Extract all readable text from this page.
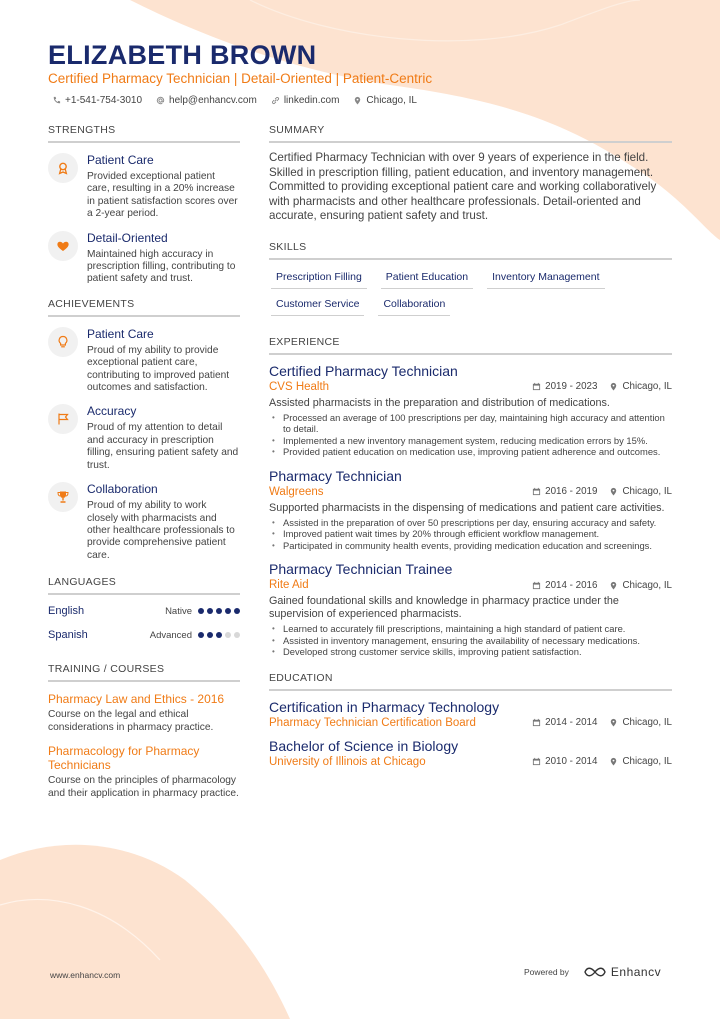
ELIZABETH BROWN
Certified Pharmacy Technician | Detail-Oriented | Patient-Centric
+1-541-754-3010	help@enhancv.com	linkedin.com	Chicago, IL
STRENGTHS
Patient Care
Provided exceptional patient care, resulting in a 20% increase in patient satisfaction scores over a 2-year period.
Detail-Oriented
Maintained high accuracy in prescription filling, contributing to patient safety and trust.
ACHIEVEMENTS
Patient Care
Proud of my ability to provide exceptional patient care, contributing to improved patient outcomes and satisfaction.
Accuracy
Proud of my attention to detail and accuracy in prescription filling, ensuring patient safety and trust.
Collaboration
Proud of my ability to work closely with pharmacists and other healthcare professionals to provide comprehensive patient care.
LANGUAGES
English	Native
Spanish	Advanced
TRAINING / COURSES
Pharmacy Law and Ethics - 2016
Course on the legal and ethical considerations in pharmacy practice.
Pharmacology for Pharmacy Technicians
Course on the principles of pharmacology and their application in pharmacy practice.
SUMMARY
Certified Pharmacy Technician with over 9 years of experience in the field. Skilled in prescription filling, patient education, and inventory management. Committed to providing exceptional patient care and working collaboratively with pharmacists and other healthcare professionals. Detail-oriented and accurate, ensuring patient safety and trust.
SKILLS
Prescription Filling	Patient Education	Inventory Management
Customer Service	Collaboration
EXPERIENCE
Certified Pharmacy Technician
CVS Health	2019 - 2023	Chicago, IL
Assisted pharmacists in the preparation and distribution of medications.
• Processed an average of 100 prescriptions per day, maintaining high accuracy and attention to detail.
• Implemented a new inventory management system, reducing medication errors by 15%.
• Provided patient education on medication use, improving patient adherence and outcomes.
Pharmacy Technician
Walgreens	2016 - 2019	Chicago, IL
Supported pharmacists in the dispensing of medications and patient care activities.
• Assisted in the preparation of over 50 prescriptions per day, ensuring accuracy and safety.
• Improved patient wait times by 20% through efficient workflow management.
• Participated in community health events, providing medication education and screenings.
Pharmacy Technician Trainee
Rite Aid	2014 - 2016	Chicago, IL
Gained foundational skills and knowledge in pharmacy practice under the supervision of experienced pharmacists.
• Learned to accurately fill prescriptions, maintaining a high standard of patient care.
• Assisted in inventory management, ensuring the availability of necessary medications.
• Developed strong customer service skills, improving patient satisfaction.
EDUCATION
Certification in Pharmacy Technology
Pharmacy Technician Certification Board	2014 - 2014	Chicago, IL
Bachelor of Science in Biology
University of Illinois at Chicago	2010 - 2014	Chicago, IL
www.enhancv.com	Powered by	Enhancv
